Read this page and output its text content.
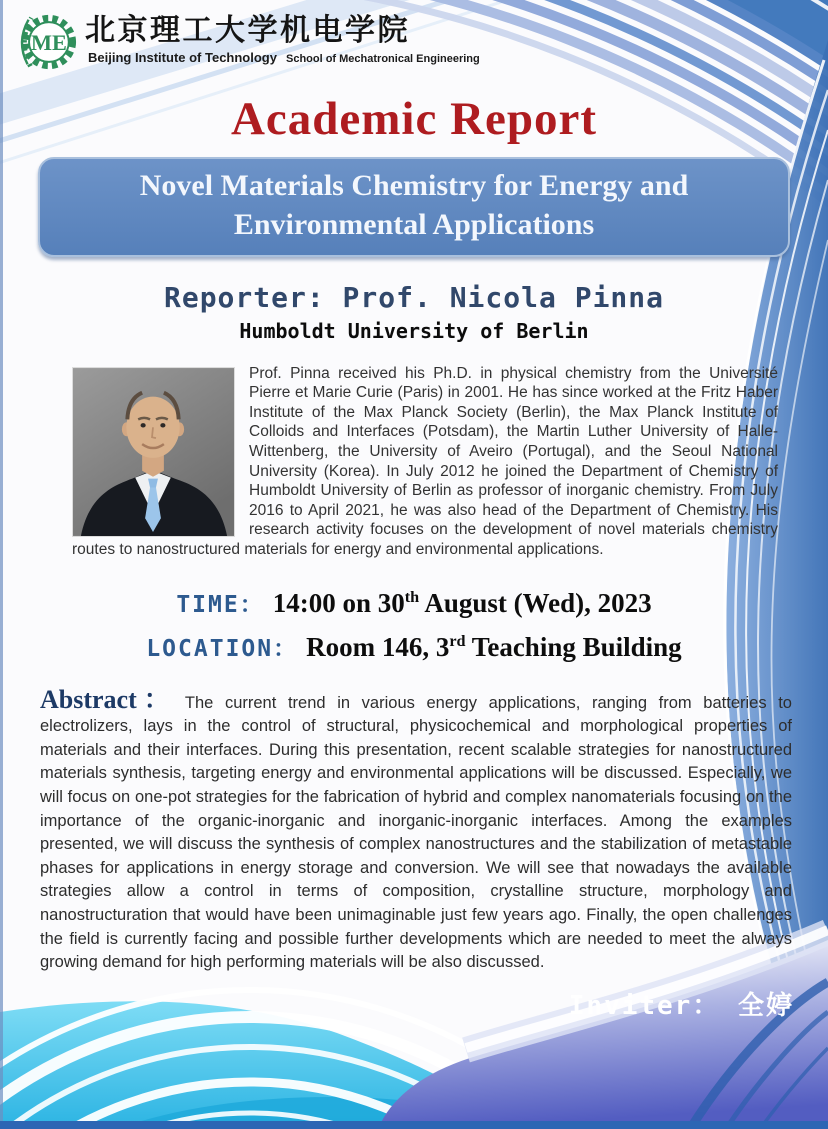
ME 北京理工大学机电学院
Beijing Institute of Technology School of Mechatronical Engineering
Academic Report
Novel Materials Chemistry for Energy and
Environmental Applications
Reporter: Prof. Nicola Pinna
Humboldt University of Berlin
Prof. Pinna received his Ph.D. in physical chemistry from the Université Pierre et Marie Curie (Paris) in 2001. He has since worked at the Fritz Haber Institute of the Max Planck Society (Berlin), the Max Planck Institute of Colloids and Interfaces (Potsdam), the Martin Luther University of Halle-Wittenberg, the University of Aveiro (Portugal), and the Seoul National University (Korea). In July 2012 he joined the Department of Chemistry of Humboldt University of Berlin as professor of inorganic chemistry. From July 2016 to April 2021, he was also head of the Department of Chemistry. His research activity focuses on the development of novel materials chemistry routes to nanostructured materials for energy and environmental applications.
TIME： 14:00 on 30th August (Wed), 2023
LOCATION： Room 146, 3rd Teaching Building
Abstract： The current trend in various energy applications, ranging from batteries to electrolizers, lays in the control of structural, physicochemical and morphological properties of materials and their interfaces. During this presentation, recent scalable strategies for nanostructured materials synthesis, targeting energy and environmental applications will be discussed. Especially, we will focus on one-pot strategies for the fabrication of hybrid and complex nanomaterials focusing on the importance of the organic-inorganic and inorganic-inorganic interfaces. Among the examples presented, we will discuss the synthesis of complex nanostructures and the stabilization of metastable phases for applications in energy storage and conversion. We will see that nowadays the available strategies allow a control in terms of composition, crystalline structure, morphology and nanostructuration that would have been unimaginable just few years ago. Finally, the open challenges the field is currently facing and possible further developments which are needed to meet the always growing demand for high performing materials will be also discussed.
Inviter： 全婷
